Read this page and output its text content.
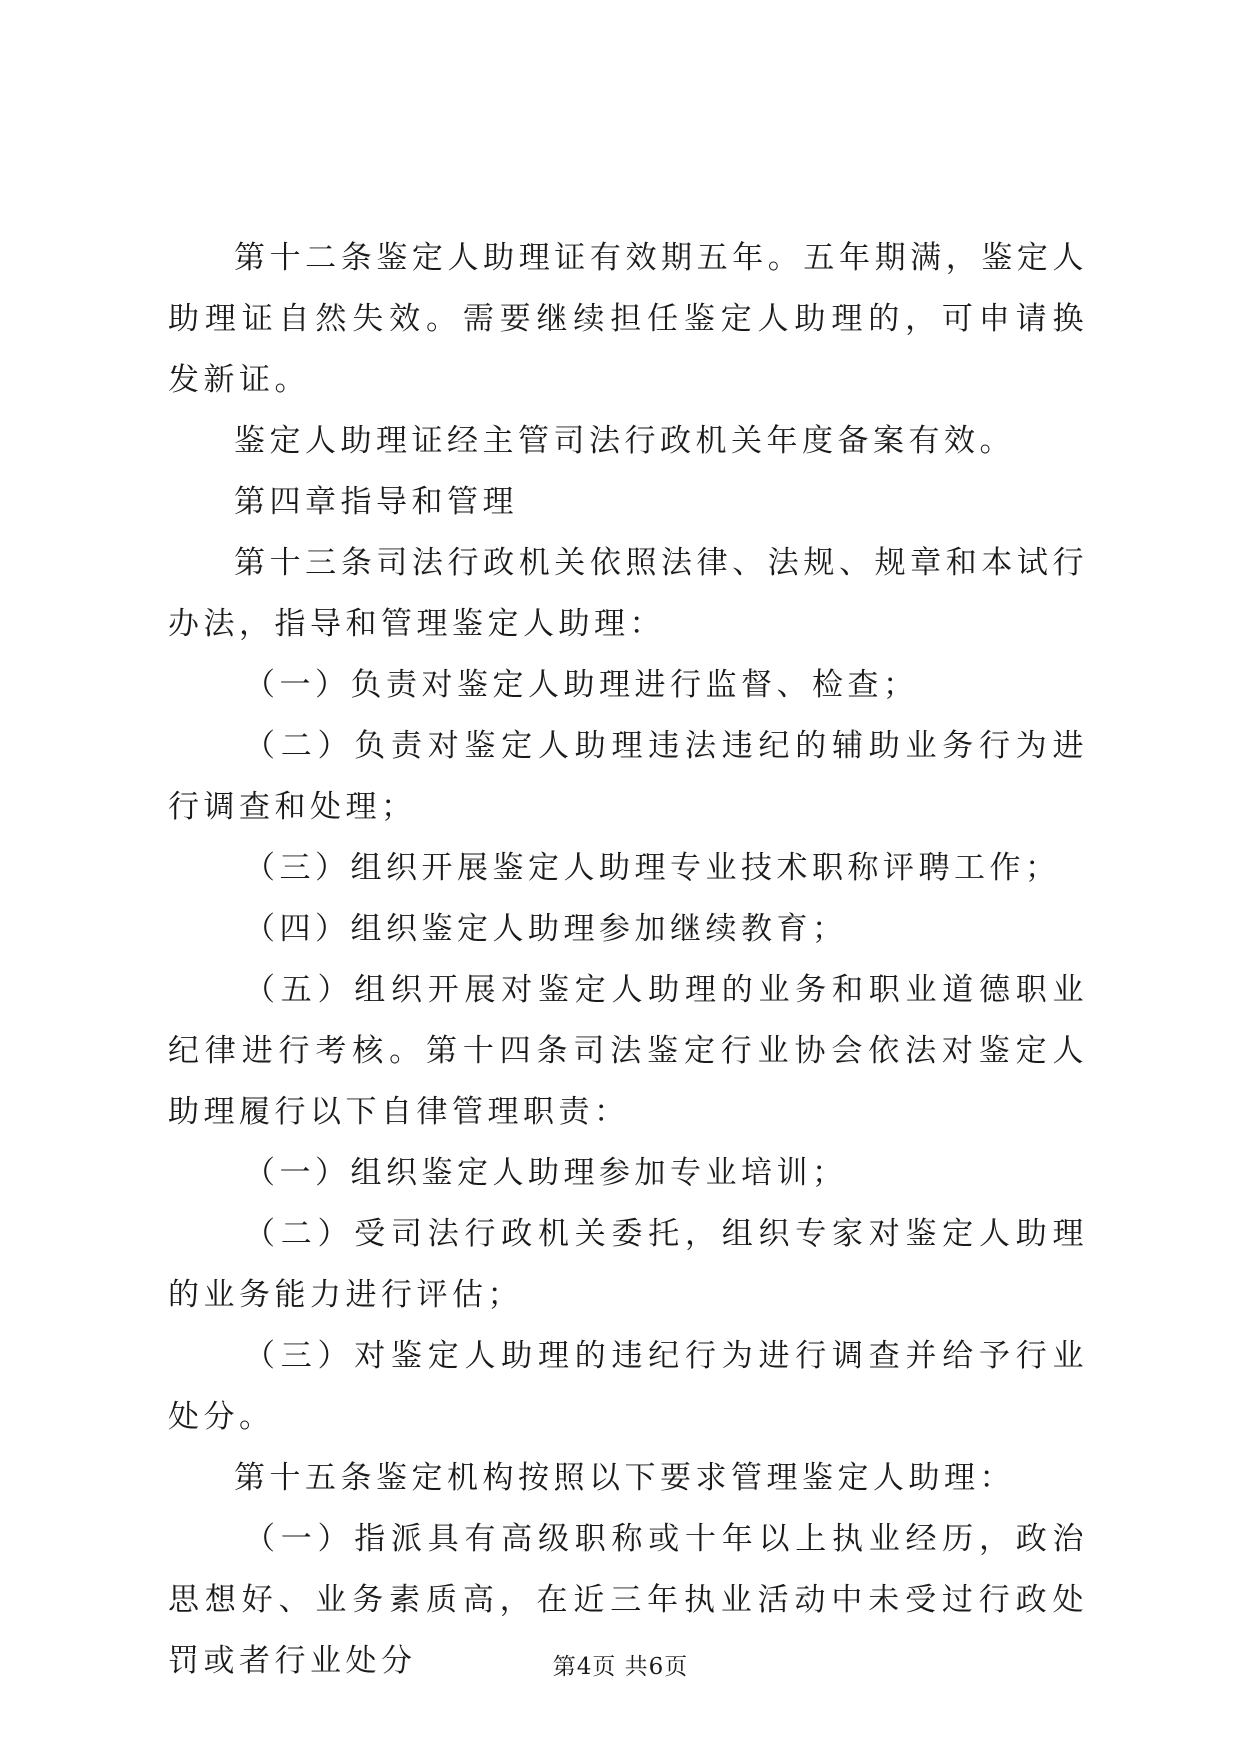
第十二条鉴定人助理证有效期五年。五年期满，鉴定人助理证自然失效。需要继续担任鉴定人助理的，可申请换发新证。

鉴定人助理证经主管司法行政机关年度备案有效。

第四章指导和管理

第十三条司法行政机关依照法律、法规、规章和本试行办法，指导和管理鉴定人助理：

（一）负责对鉴定人助理进行监督、检查；

（二）负责对鉴定人助理违法违纪的辅助业务行为进行调查和处理；

（三）组织开展鉴定人助理专业技术职称评聘工作；

（四）组织鉴定人助理参加继续教育；

（五）组织开展对鉴定人助理的业务和职业道德职业纪律进行考核。第十四条司法鉴定行业协会依法对鉴定人助理履行以下自律管理职责：

（一）组织鉴定人助理参加专业培训；

（二）受司法行政机关委托，组织专家对鉴定人助理的业务能力进行评估；

（三）对鉴定人助理的违纪行为进行调查并给予行业处分。

第十五条鉴定机构按照以下要求管理鉴定人助理：

（一）指派具有高级职称或十年以上执业经历，政治思想好、业务素质高，在近三年执业活动中未受过行政处罚或者行业处分	第4页 共6页
